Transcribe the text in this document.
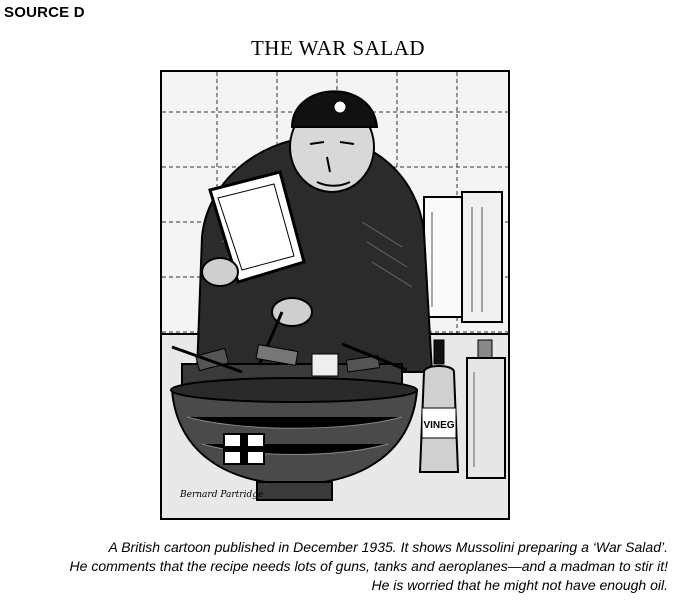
SOURCE D
THE WAR SALAD
VINEG
Bernard Partridge
A British cartoon published in December 1935. It shows Mussolini preparing a ‘War Salad’.
He comments that the recipe needs lots of guns, tanks and aeroplanes—and a madman to stir it!
He is worried that he might not have enough oil.
